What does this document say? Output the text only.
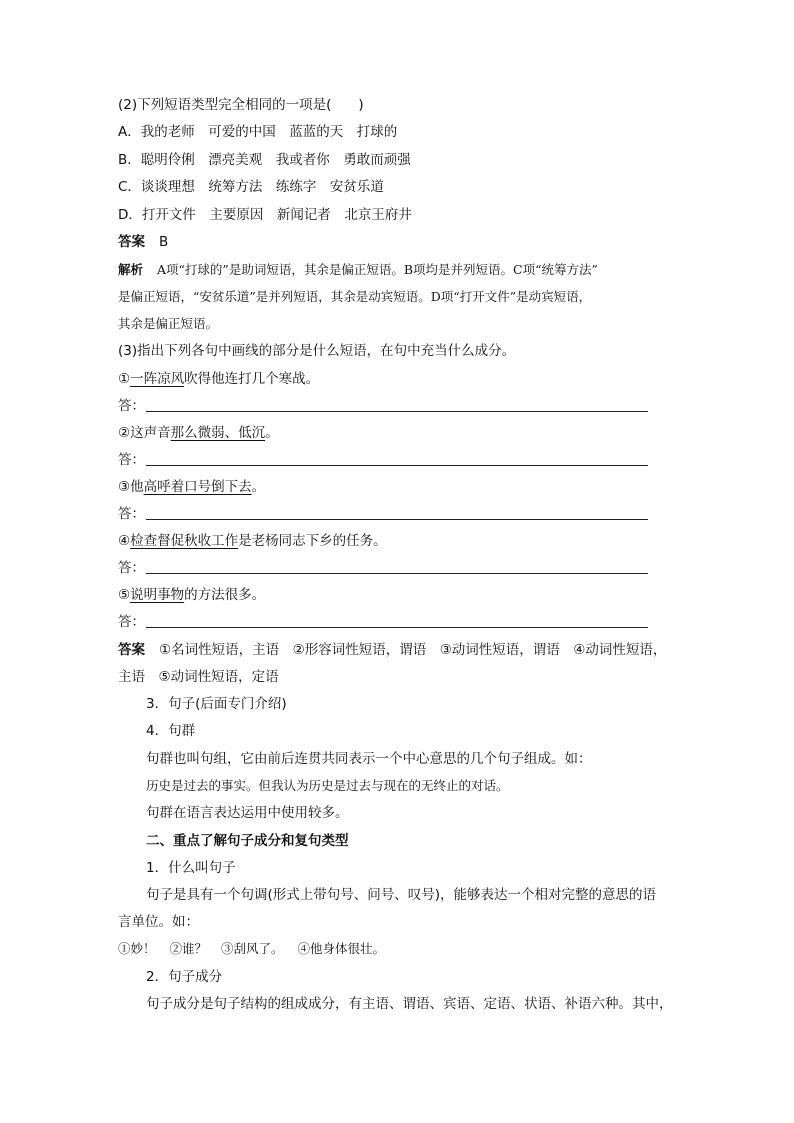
(2)下列短语类型完全相同的一项是(　　)
A．我的老师　可爱的中国　蓝蓝的天　打球的
B．聪明伶俐　漂亮美观　我或者你　勇敢而顽强
C．谈谈理想　统筹方法　练练字　安贫乐道
D．打开文件　主要原因　新闻记者　北京王府井
答案 B
解析 A项“打球的”是助词短语，其余是偏正短语。B项均是并列短语。C项“统筹方法”
是偏正短语，“安贫乐道”是并列短语，其余是动宾短语。D项“打开文件”是动宾短语，
其余是偏正短语。
(3)指出下列各句中画线的部分是什么短语，在句中充当什么成分。
①一阵凉风吹得他连打几个寒战。
答：
②这声音那么微弱、低沉。
答：
③他高呼着口号倒下去。
答：
④检查督促秋收工作是老杨同志下乡的任务。
答：
⑤说明事物的方法很多。
答：
答案 ①名词性短语，主语　②形容词性短语，谓语　③动词性短语，谓语　④动词性短语，
主语　⑤动词性短语，定语
3．句子(后面专门介绍)
4．句群
句群也叫句组，它由前后连贯共同表示一个中心意思的几个句子组成。如：
历史是过去的事实。但我认为历史是过去与现在的无终止的对话。
句群在语言表达运用中使用较多。
二、重点了解句子成分和复句类型
1．什么叫句子
句子是具有一个句调(形式上带句号、问号、叹号)，能够表达一个相对完整的意思的语
言单位。如：
①妙！ ②谁？ ③刮风了。 ④他身体很壮。
2．句子成分
句子成分是句子结构的组成成分，有主语、谓语、宾语、定语、状语、补语六种。其中，
